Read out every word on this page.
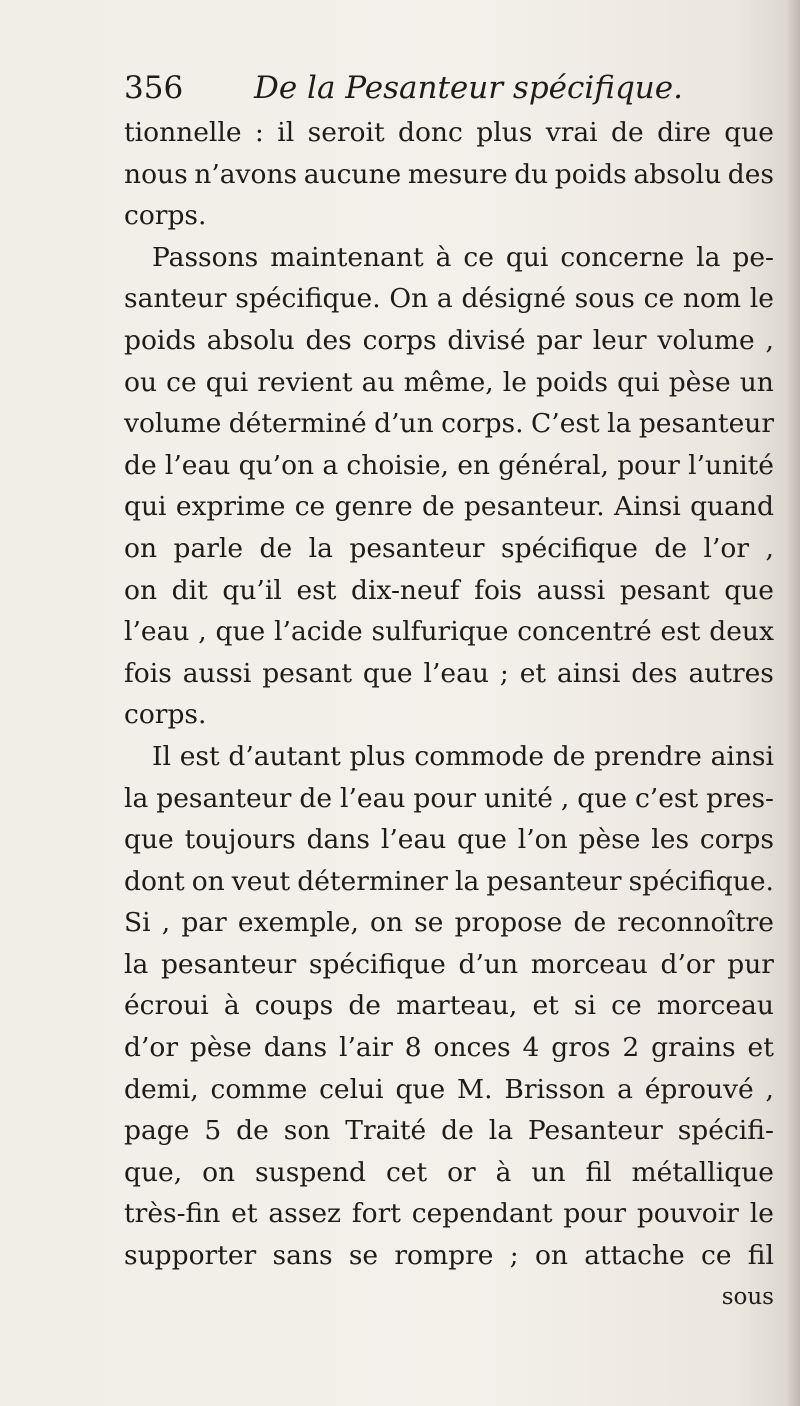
356 De la Pesanteur spécifique.
tionnelle : il seroit donc plus vrai de dire que
nous n’avons aucune mesure du poids absolu des
corps.
Passons maintenant à ce qui concerne la pe-
santeur spécifique. On a désigné sous ce nom le
poids absolu des corps divisé par leur volume ,
ou ce qui revient au même, le poids qui pèse un
volume déterminé d’un corps. C’est la pesanteur
de l’eau qu’on a choisie, en général, pour l’unité
qui exprime ce genre de pesanteur. Ainsi quand
on parle de la pesanteur spécifique de l’or ,
on dit qu’il est dix-neuf fois aussi pesant que
l’eau , que l’acide sulfurique concentré est deux
fois aussi pesant que l’eau ; et ainsi des autres
corps.
Il est d’autant plus commode de prendre ainsi
la pesanteur de l’eau pour unité , que c’est pres-
que toujours dans l’eau que l’on pèse les corps
dont on veut déterminer la pesanteur spécifique.
Si , par exemple, on se propose de reconnoître
la pesanteur spécifique d’un morceau d’or pur
écroui à coups de marteau, et si ce morceau
d’or pèse dans l’air 8 onces 4 gros 2 grains et
demi, comme celui que M. Brisson a éprouvé ,
page 5 de son Traité de la Pesanteur spécifi-
que, on suspend cet or à un fil métallique
très-fin et assez fort cependant pour pouvoir le
supporter sans se rompre ; on attache ce fil
sous
